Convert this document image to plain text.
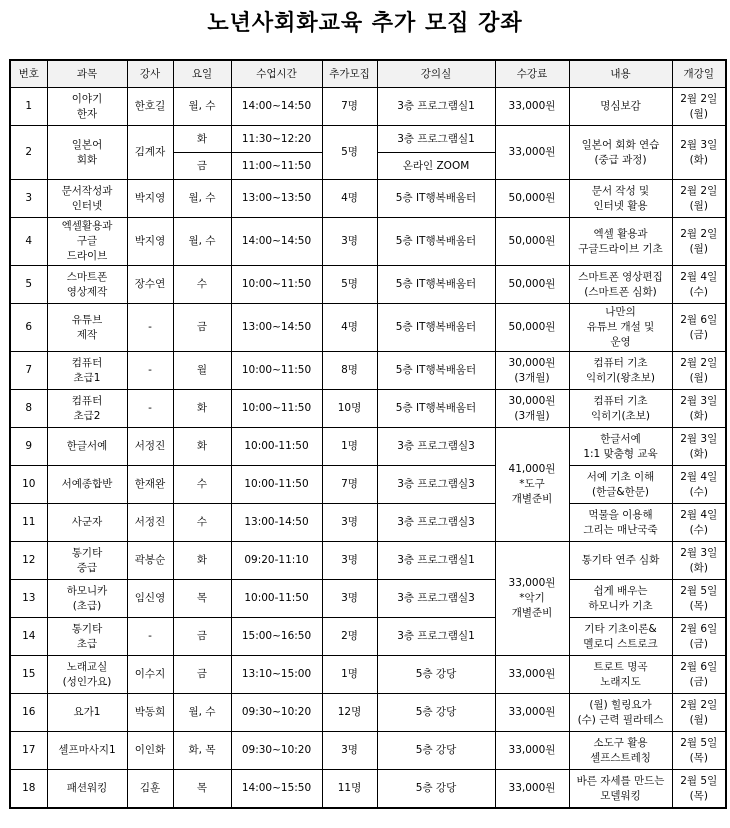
노년사회화교육 추가 모집 강좌
번호	과목	강사	요일	수업시간	추가모집	강의실	수강료	내용	개강일
1	이야기
한자	한호길	월, 수	14:00~14:50	7명	3층 프로그램실1	33,000원	명심보감	2월 2일(월)
2	일본어
회화	김계자	화	11:30~12:20	5명	3층 프로그램실1	33,000원	일본어 회화 연습
(중급 과정)	2월 3일(화)
			금	11:00~11:50		온라인 ZOOM			
3	문서작성과
인터넷	박지영	월, 수	13:00~13:50	4명	5층 IT행복배움터	50,000원	문서 작성 및
인터넷 활용	2월 2일(월)
4	엑셀활용과
구글
드라이브	박지영	월, 수	14:00~14:50	3명	5층 IT행복배움터	50,000원	엑셀 활용과
구글드라이브 기초	2월 2일(월)
5	스마트폰
영상제작	장수연	수	10:00~11:50	5명	5층 IT행복배움터	50,000원	스마트폰 영상편집
(스마트폰 심화)	2월 4일(수)
6	유튜브
제작	-	금	13:00~14:50	4명	5층 IT행복배움터	50,000원	나만의
유튜브 개설 및
운영	2월 6일(금)
7	컴퓨터
초급1	-	월	10:00~11:50	8명	5층 IT행복배움터	30,000원
(3개월)	컴퓨터 기초
익히기(왕초보)	2월 2일(월)
8	컴퓨터
초급2	-	화	10:00~11:50	10명	5층 IT행복배움터	30,000원
(3개월)	컴퓨터 기초
익히기(초보)	2월 3일(화)
9	한글서예	서정진	화	10:00-11:50	1명	3층 프로그램실3	41,000원
*도구
개별준비	한글서예
1:1 맞춤형 교육	2월 3일(화)
10	서예종합반	한재완	수	10:00-11:50	7명	3층 프로그램실3		서예 기초 이해
(한글&한문)	2월 4일(수)
11	사군자	서정진	수	13:00-14:50	3명	3층 프로그램실3		먹물을 이용해
그리는 매난국죽	2월 4일(수)
12	통기타
중급	곽봉순	화	09:20-11:10	3명	3층 프로그램실1	33,000원
*악기
개별준비	통기타 연주 심화	2월 3일(화)
13	하모니카
(초급)	임신영	목	10:00-11:50	3명	3층 프로그램실3		쉽게 배우는
하모니카 기초	2월 5일(목)
14	통기타
초급	-	금	15:00~16:50	2명	3층 프로그램실1		기타 기초이론&
멜로디 스트로크	2월 6일(금)
15	노래교실
(성인가요)	이수지	금	13:10~15:00	1명	5층 강당	33,000원	트로트 명곡
노래지도	2월 6일(금)
16	요가1	박동희	월, 수	09:30~10:20	12명	5층 강당	33,000원	(월) 힐링요가
(수) 근력 필라테스	2월 2일(월)
17	셀프마사지1	이인화	화, 목	09:30~10:20	3명	5층 강당	33,000원	소도구 활용
셀프스트레칭	2월 5일(목)
18	패션워킹	김훈	목	14:00~15:50	11명	5층 강당	33,000원	바른 자세를 만드는
모델워킹	2월 5일(목)
